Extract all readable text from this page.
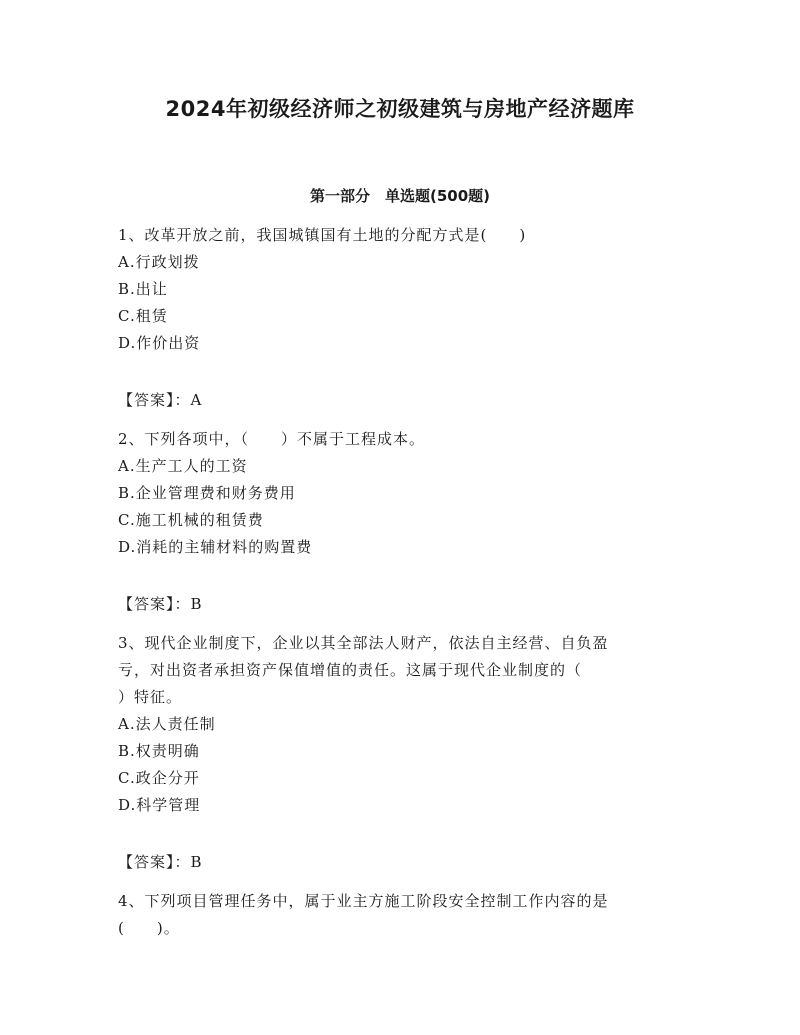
2024年初级经济师之初级建筑与房地产经济题库
第一部分　单选题(500题)
1、改革开放之前，我国城镇国有土地的分配方式是(　　)
A.行政划拨
B.出让
C.租赁
D.作价出资
【答案】：A
2、下列各项中，（　　）不属于工程成本。
A.生产工人的工资
B.企业管理费和财务费用
C.施工机械的租赁费
D.消耗的主辅材料的购置费
【答案】：B
3、现代企业制度下，企业以其全部法人财产，依法自主经营、自负盈
亏，对出资者承担资产保值增值的责任。这属于现代企业制度的（
）特征。
A.法人责任制
B.权责明确
C.政企分开
D.科学管理
【答案】：B
4、下列项目管理任务中，属于业主方施工阶段安全控制工作内容的是
(　　)。
